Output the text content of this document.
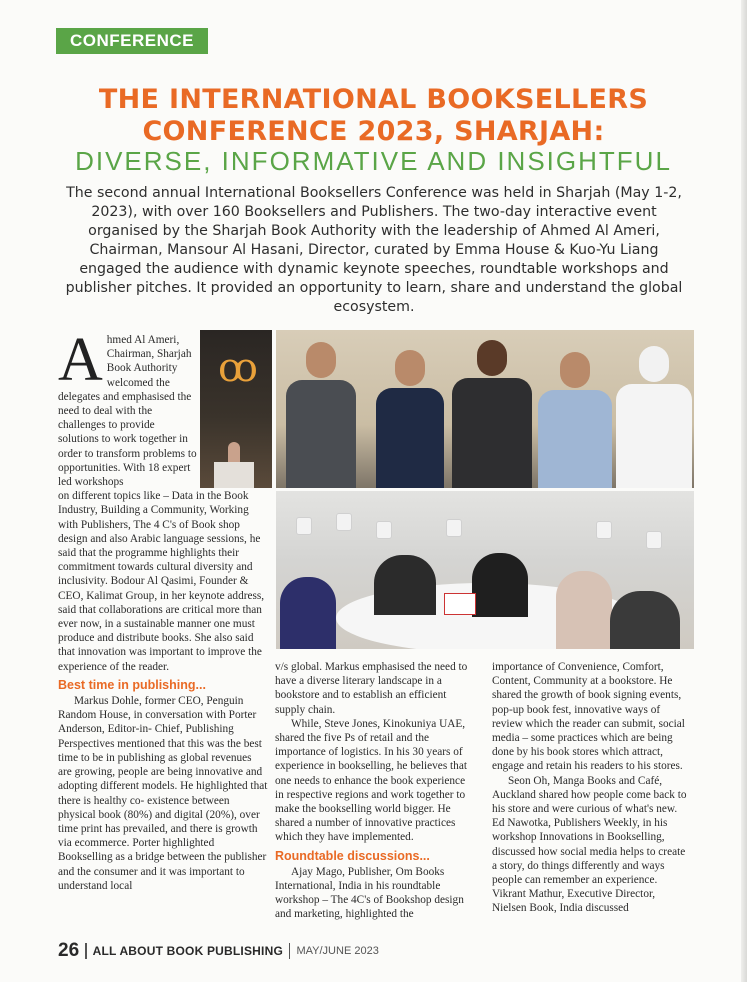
CONFERENCE
THE INTERNATIONAL BOOKSELLERS
CONFERENCE 2023, SHARJAH:
DIVERSE, INFORMATIVE AND INSIGHTFUL
The second annual International Booksellers Conference was held in Sharjah (May 1-2, 2023), with over 160 Booksellers and Publishers. The two-day interactive event organised by the Sharjah Book Authority with the leadership of Ahmed Al Ameri, Chairman, Mansour Al Hasani, Director, curated by Emma House & Kuo-Yu Liang engaged the audience with dynamic keynote speeches, roundtable workshops and publisher pitches. It provided an opportunity to learn, share and understand the global ecosystem.
A hmed Al Ameri, Chairman, Sharjah Book Authority welcomed the delegates and emphasised the need to deal with the challenges to provide solutions to work together in order to transform problems to opportunities. With 18 expert led workshops
on different topics like – Data in the Book Industry, Building a Community, Working with Publishers, The 4 C's of Book shop design and also Arabic language sessions, he said that the programme highlights their commitment towards cultural diversity and inclusivity. Bodour Al Qasimi, Founder & CEO, Kalimat Group, in her keynote address, said that collaborations are critical more than ever now, in a sustainable manner one must produce and distribute books. She also said that innovation was important to improve the experience of the reader.
Best time in publishing...

Markus Dohle, former CEO, Penguin Random House, in conversation with Porter Anderson, Editor-in- Chief, Publishing Perspectives mentioned that this was the best time to be in publishing as global revenues are growing, people are being innovative and adopting different models. He highlighted that there is healthy co- existence between physical book (80%) and digital (20%), over time print has prevailed, and there is growth via ecommerce. Porter highlighted Bookselling as a bridge between the publisher and the consumer and it was important to understand local

ꝏ

v/s global. Markus emphasised the need to have a diverse literary landscape in a bookstore and to establish an efficient supply chain.

While, Steve Jones, Kinokuniya UAE, shared the five Ps of retail and the importance of logistics. In his 30 years of experience in bookselling, he believes that one needs to enhance the book experience in respective regions and work together to make the bookselling world bigger. He shared a number of innovative practices which they have implemented.

Roundtable discussions...

Ajay Mago, Publisher, Om Books International, India in his roundtable workshop – The 4C's of Bookshop design and marketing, highlighted the

importance of Convenience, Comfort, Content, Community at a bookstore. He shared the growth of book signing events, pop-up book fest, innovative ways of review which the reader can submit, social media – some practices which are being done by his book stores which attract, engage and retain his readers to his stores.

Seon Oh, Manga Books and Café, Auckland shared how people come back to his store and were curious of what's new. Ed Nawotka, Publishers Weekly, in his workshop Innovations in Bookselling, discussed how social media helps to create a story, do things differently and ways people can remember an experience. Vikrant Mathur, Executive Director, Nielsen Book, India discussed

26 ALL ABOUT BOOK PUBLISHING MAY/JUNE 2023
